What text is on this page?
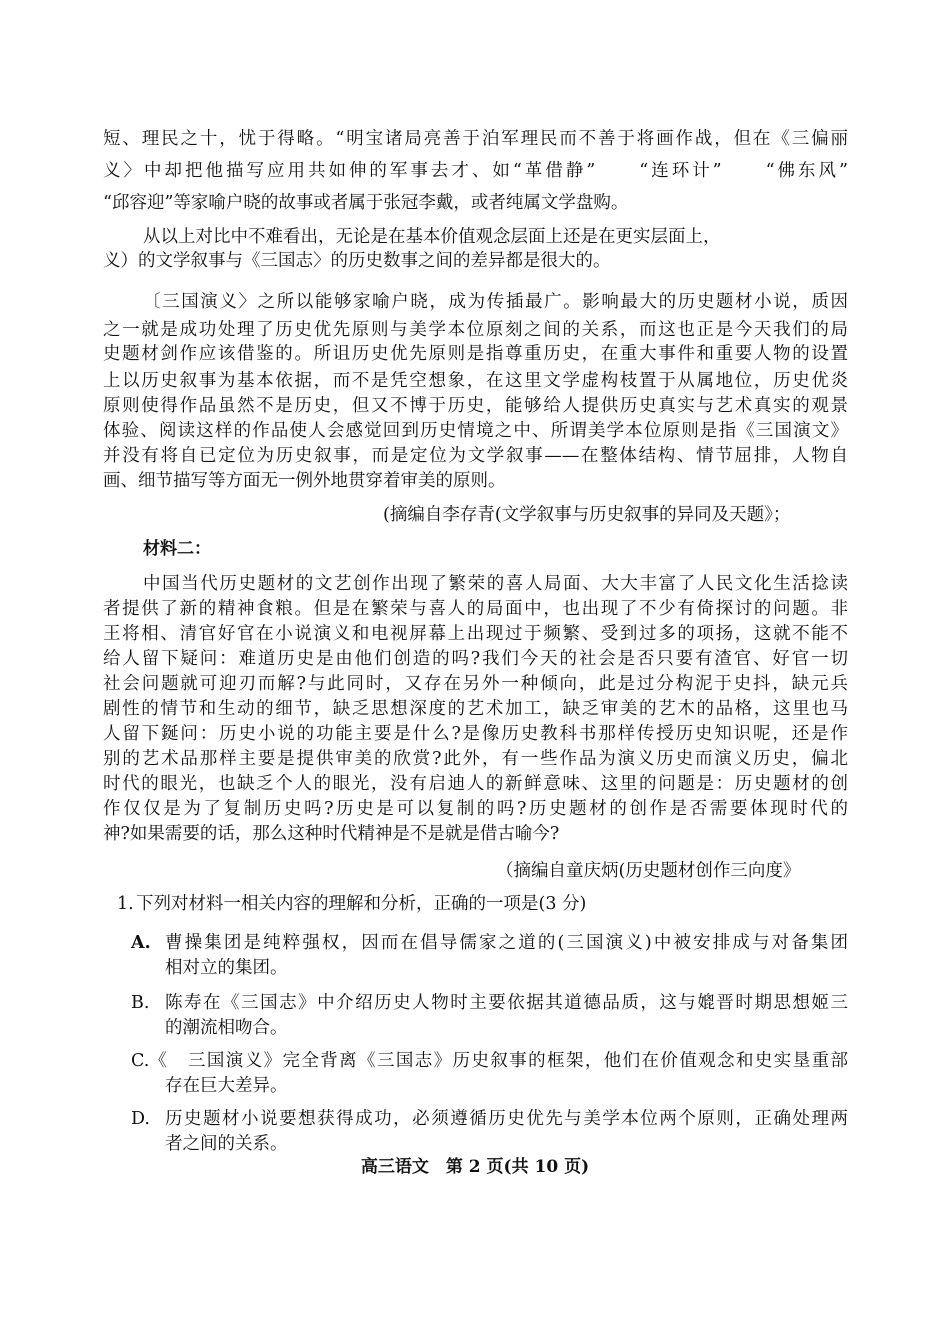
短、理民之十，忧于得略。“明宝诸局亮善于泊军理民而不善于将画作战，但在《三偏丽
义〉中却把他描写应用共如伸的军事去才、如“革借静”　　“连环计”　　“佛东风”
“邱容迎”等家喻户晓的故事或者属于张冠李戴，或者纯属文学盘购。
从以上对比中不难看出，无论是在基本价值观念层面上还是在更实层面上，
义）的文学叙事与《三国志〉的历史数事之间的差异都是很大的。
〔三国演义〉之所以能够家喻户晓，成为传插最广。影响最大的历史题材小说，质因
之一就是成功处理了历史优先原则与美学本位原刻之间的关系，而这也正是今天我们的局
史题材剑作应该借鉴的。所诅历史优先原则是指尊重历史，在重大事件和重要人物的设置
上以历史叙事为基本依据，而不是凭空想象，在这里文学虚构枝置于从属地位，历史优炎
原则使得作品虽然不是历史，但又不博于历史，能够给人提供历史真实与艺术真实的观景
体验、阅读这样的作品使人会感觉回到历史情境之中、所谓美学本位原则是指《三国演文》
并没有将自已定位为历史叙事，而是定位为文学叙事——在整体结构、情节屈排，人物自
画、细节描写等方面无一例外地贯穿着审美的原则。
(摘编自李存青(文学叙事与历史叙事的异同及天题》；
材料二：
中国当代历史题材的文艺创作出现了繁荣的喜人局面、大大丰富了人民文化生活捻读
者提供了新的精神食粮。但是在繁荣与喜人的局面中，也出现了不少有倚探讨的问题。非
王将相、清官好官在小说演义和电视屏幕上出现过于频繁、受到过多的项扬，这就不能不
给人留下疑问：难道历史是由他们创造的吗?我们今天的社会是否只要有渣官、好官一切
社会问题就可迎刃而解?与此同时，又存在另外一种倾向，此是过分构泥于史抖，缺元兵
剧性的情节和生动的细节，缺乏思想深度的艺术加工，缺乏审美的艺木的品格，这里也马
人留下鋋问：历史小说的功能主要是什么?是像历史教科书那样传授历史知识呢，还是作
别的艺术品那样主要是提供审美的欣赏?此外，有一些作品为演义历史而演义历史，偏北
时代的眼光，也缺乏个人的眼光，没有启迪人的新鲜意味、这里的问题是：历史题材的创
作仅仅是为了复制历史吗?历史是可以复制的吗?历史题材的创作是否需要体现时代的
神?如果需要的话，那么这种时代精神是不是就是借古喻今?
（摘编自童庆炳(历史题材创作三向度》
1. 下列对材料一相关内容的理解和分析，正确的一项是(3 分)
A. 曹操集团是纯粹强权，因而在倡导儒家之道的(三国演义)中被安排成与对备集团
相对立的集团。
B. 陈寿在《三国志》中介绍历史人物时主要依据其道德品质，这与媲晋时期思想姬三
的潮流相吻合。
C.《 三国演义》完全背离《三国志》历史叙事的框架，他们在价值观念和史实垦重部
存在巨大差异。
D. 历史题材小说要想获得成功，必须遵循历史优先与美学本位两个原则，正确处理两
者之间的关系。
高三语文　第 2 页(共 10 页)
